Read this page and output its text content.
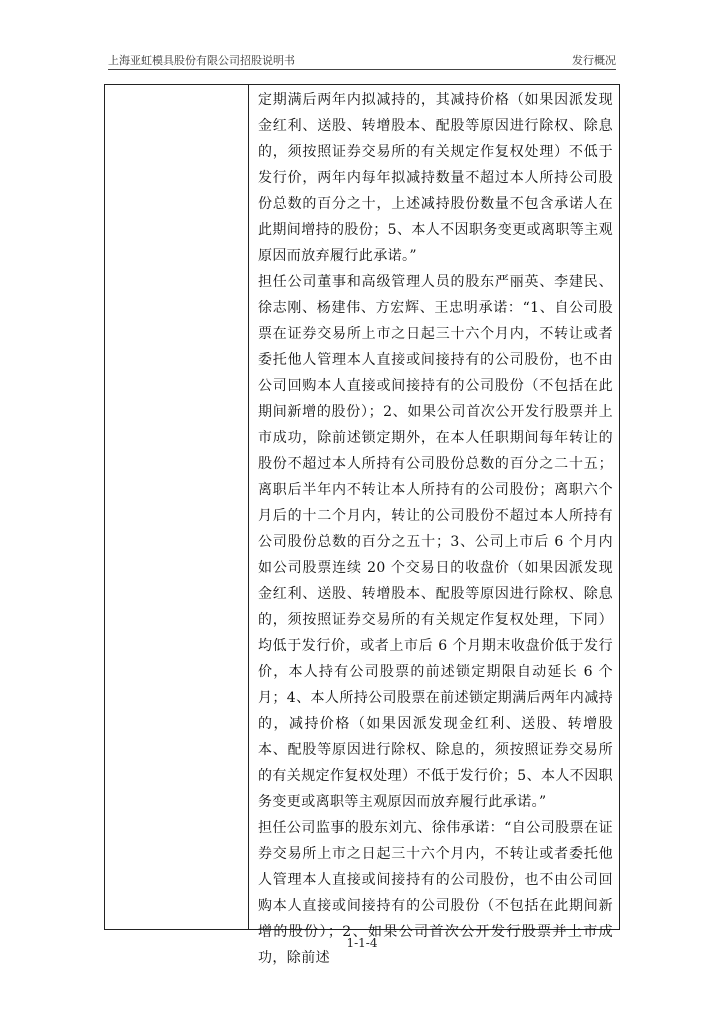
上海亚虹模具股份有限公司招股说明书	发行概况

定期满后两年内拟减持的，其减持价格（如果因派发现金红利、送股、转增股本、配股等原因进行除权、除息的，须按照证券交易所的有关规定作复权处理）不低于发行价，两年内每年拟减持数量不超过本人所持公司股份总数的百分之十，上述减持股份数量不包含承诺人在此期间增持的股份；5、本人不因职务变更或离职等主观原因而放弃履行此承诺。”

担任公司董事和高级管理人员的股东严丽英、李建民、徐志刚、杨建伟、方宏辉、王忠明承诺：“1、自公司股票在证券交易所上市之日起三十六个月内，不转让或者委托他人管理本人直接或间接持有的公司股份，也不由公司回购本人直接或间接持有的公司股份（不包括在此期间新增的股份）；2、如果公司首次公开发行股票并上市成功，除前述锁定期外，在本人任职期间每年转让的股份不超过本人所持有公司股份总数的百分之二十五；离职后半年内不转让本人所持有的公司股份；离职六个月后的十二个月内，转让的公司股份不超过本人所持有公司股份总数的百分之五十；3、公司上市后 6 个月内如公司股票连续 20 个交易日的收盘价（如果因派发现金红利、送股、转增股本、配股等原因进行除权、除息的，须按照证券交易所的有关规定作复权处理，下同）均低于发行价，或者上市后 6 个月期末收盘价低于发行价，本人持有公司股票的前述锁定期限自动延长 6 个月；4、本人所持公司股票在前述锁定期满后两年内减持的，减持价格（如果因派发现金红利、送股、转增股本、配股等原因进行除权、除息的，须按照证券交易所的有关规定作复权处理）不低于发行价；5、本人不因职务变更或离职等主观原因而放弃履行此承诺。”

担任公司监事的股东刘亢、徐伟承诺：“自公司股票在证券交易所上市之日起三十六个月内，不转让或者委托他人管理本人直接或间接持有的公司股份，也不由公司回购本人直接或间接持有的公司股份（不包括在此期间新增的股份）；2、如果公司首次公开发行股票并上市成功，除前述

1-1-4
